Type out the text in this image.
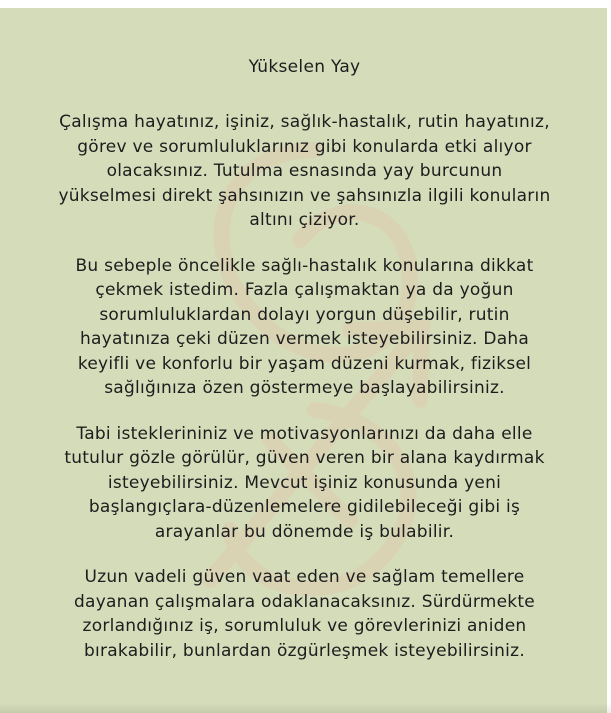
Yükselen Yay
Çalışma hayatınız, işiniz, sağlık-hastalık, rutin hayatınız,
görev ve sorumluluklarınız gibi konularda etki alıyor
olacaksınız. Tutulma esnasında yay burcunun
yükselmesi direkt şahsınızın ve şahsınızla ilgili konuların
altını çiziyor.
Bu sebeple öncelikle sağlı-hastalık konularına dikkat
çekmek istedim. Fazla çalışmaktan ya da yoğun
sorumluluklardan dolayı yorgun düşebilir, rutin
hayatınıza çeki düzen vermek isteyebilirsiniz. Daha
keyifli ve konforlu bir yaşam düzeni kurmak, fiziksel
sağlığınıza özen göstermeye başlayabilirsiniz.
Tabi isteklerininiz ve motivasyonlarınızı da daha elle
tutulur gözle görülür, güven veren bir alana kaydırmak
isteyebilirsiniz. Mevcut işiniz konusunda yeni
başlangıçlara-düzenlemelere gidilebileceği gibi iş
arayanlar bu dönemde iş bulabilir.
Uzun vadeli güven vaat eden ve sağlam temellere
dayanan çalışmalara odaklanacaksınız. Sürdürmekte
zorlandığınız iş, sorumluluk ve görevlerinizi aniden
bırakabilir, bunlardan özgürleşmek isteyebilirsiniz.
